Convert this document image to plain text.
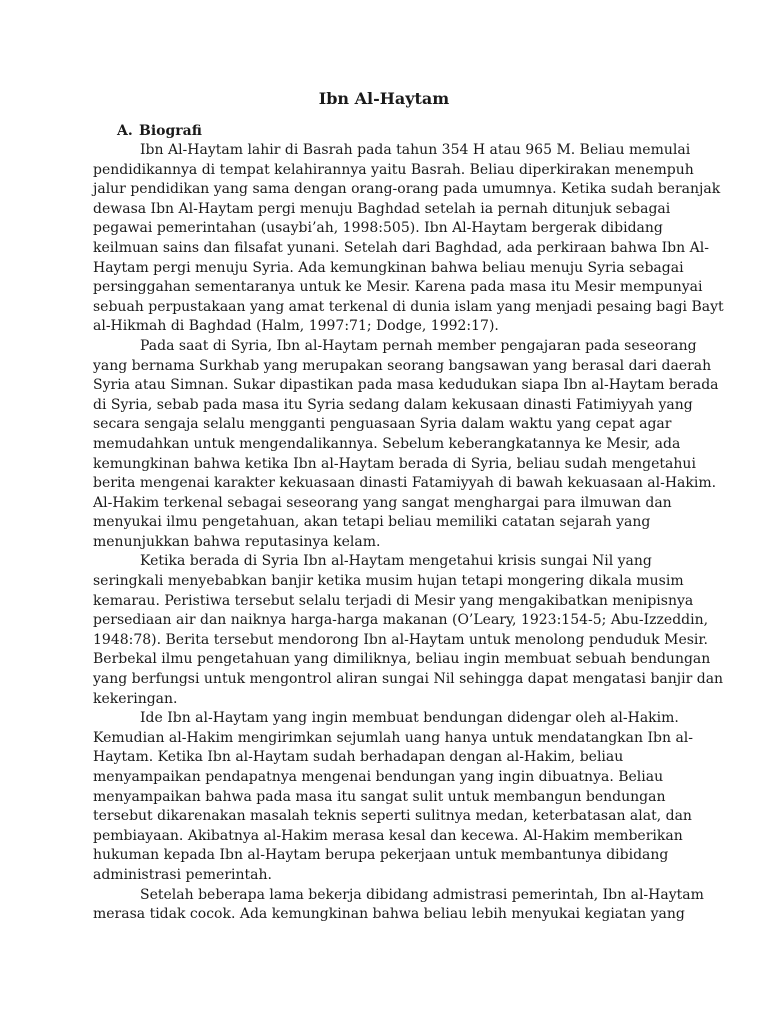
Ibn Al-Haytam
A. Biografi
Ibn Al-Haytam lahir di Basrah pada tahun 354 H atau 965 M. Beliau memulai
pendidikannya di tempat kelahirannya yaitu Basrah. Beliau diperkirakan menempuh
jalur pendidikan yang sama dengan orang-orang pada umumnya. Ketika sudah beranjak
dewasa Ibn Al-Haytam pergi menuju Baghdad setelah ia pernah ditunjuk sebagai
pegawai pemerintahan (usaybi’ah, 1998:505). Ibn Al-Haytam bergerak dibidang
keilmuan sains dan filsafat yunani. Setelah dari Baghdad, ada perkiraan bahwa Ibn Al-
Haytam pergi menuju Syria. Ada kemungkinan bahwa beliau menuju Syria sebagai
persinggahan sementaranya untuk ke Mesir. Karena pada masa itu Mesir mempunyai
sebuah perpustakaan yang amat terkenal di dunia islam yang menjadi pesaing bagi Bayt
al-Hikmah di Baghdad (Halm, 1997:71; Dodge, 1992:17).
Pada saat di Syria, Ibn al-Haytam pernah member pengajaran pada seseorang
yang bernama Surkhab yang merupakan seorang bangsawan yang berasal dari daerah
Syria atau Simnan. Sukar dipastikan pada masa kedudukan siapa Ibn al-Haytam berada
di Syria, sebab pada masa itu Syria sedang dalam kekusaan dinasti Fatimiyyah yang
secara sengaja selalu mengganti penguasaan Syria dalam waktu yang cepat agar
memudahkan untuk mengendalikannya. Sebelum keberangkatannya ke Mesir, ada
kemungkinan bahwa ketika Ibn al-Haytam berada di Syria, beliau sudah mengetahui
berita mengenai karakter kekuasaan dinasti Fatamiyyah di bawah kekuasaan al-Hakim.
Al-Hakim terkenal sebagai seseorang yang sangat menghargai para ilmuwan dan
menyukai ilmu pengetahuan, akan tetapi beliau memiliki catatan sejarah yang
menunjukkan bahwa reputasinya kelam.
Ketika berada di Syria Ibn al-Haytam mengetahui krisis sungai Nil yang
seringkali menyebabkan banjir ketika musim hujan tetapi mongering dikala musim
kemarau. Peristiwa tersebut selalu terjadi di Mesir yang mengakibatkan menipisnya
persediaan air dan naiknya harga-harga makanan (O’Leary, 1923:154-5; Abu-Izzeddin,
1948:78). Berita tersebut mendorong Ibn al-Haytam untuk menolong penduduk Mesir.
Berbekal ilmu pengetahuan yang dimiliknya, beliau ingin membuat sebuah bendungan
yang berfungsi untuk mengontrol aliran sungai Nil sehingga dapat mengatasi banjir dan
kekeringan.
Ide Ibn al-Haytam yang ingin membuat bendungan didengar oleh al-Hakim.
Kemudian al-Hakim mengirimkan sejumlah uang hanya untuk mendatangkan Ibn al-
Haytam. Ketika Ibn al-Haytam sudah berhadapan dengan al-Hakim, beliau
menyampaikan pendapatnya mengenai bendungan yang ingin dibuatnya. Beliau
menyampaikan bahwa pada masa itu sangat sulit untuk membangun bendungan
tersebut dikarenakan masalah teknis seperti sulitnya medan, keterbatasan alat, dan
pembiayaan. Akibatnya al-Hakim merasa kesal dan kecewa. Al-Hakim memberikan
hukuman kepada Ibn al-Haytam berupa pekerjaan untuk membantunya dibidang
administrasi pemerintah.
Setelah beberapa lama bekerja dibidang admistrasi pemerintah, Ibn al-Haytam
merasa tidak cocok. Ada kemungkinan bahwa beliau lebih menyukai kegiatan yang
